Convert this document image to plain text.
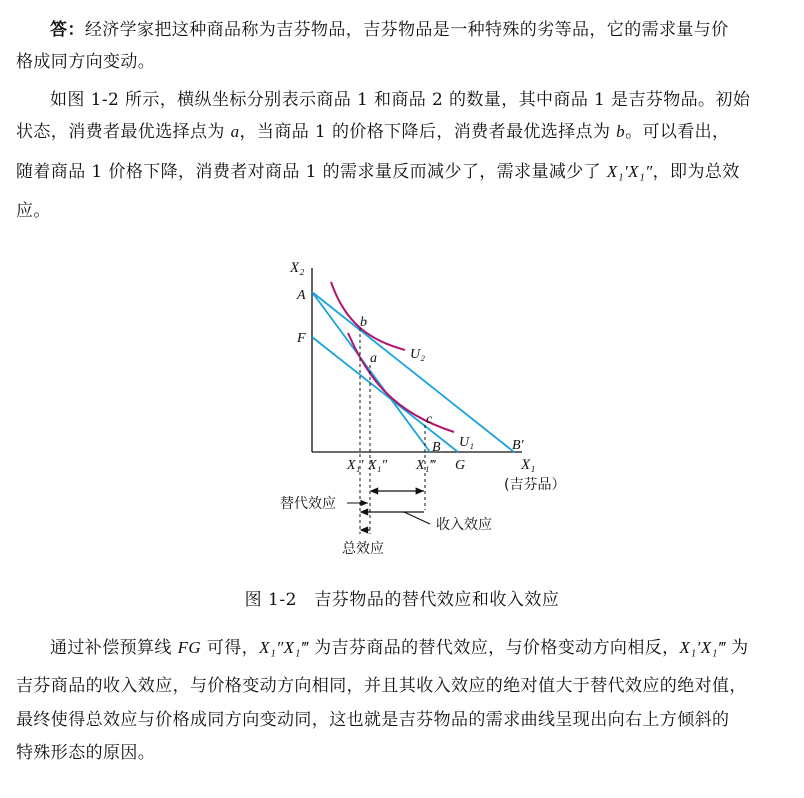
答：经济学家把这种商品称为吉芬物品，吉芬物品是一种特殊的劣等品，它的需求量与价
格成同方向变动。

如图 1-2 所示，横纵坐标分别表示商品 1 和商品 2 的数量，其中商品 1 是吉芬物品。初始
状态，消费者最优选择点为 a，当商品 1 的价格下降后，消费者最优选择点为 b。可以看出，
随着商品 1 价格下降，消费者对商品 1 的需求量反而减少了，需求量减少了 X₁′X₁″，即为总效
应。

X₂
X₁
(吉芬品）
A
F
b
a
c
B
G
B′
U₂
U₁
X₁′ X₁″ X₁‴
替代效应
收入效应
总效应
图 1-2　吉芬物品的替代效应和收入效应

通过补偿预算线 FG 可得，X₁″X₁‴ 为吉芬商品的替代效应，与价格变动方向相反，X₁′X₁‴ 为
吉芬商品的收入效应，与价格变动方向相同，并且其收入效应的绝对值大于替代效应的绝对值，
最终使得总效应与价格成同方向变动同，这也就是吉芬物品的需求曲线呈现出向右上方倾斜的
特殊形态的原因。
